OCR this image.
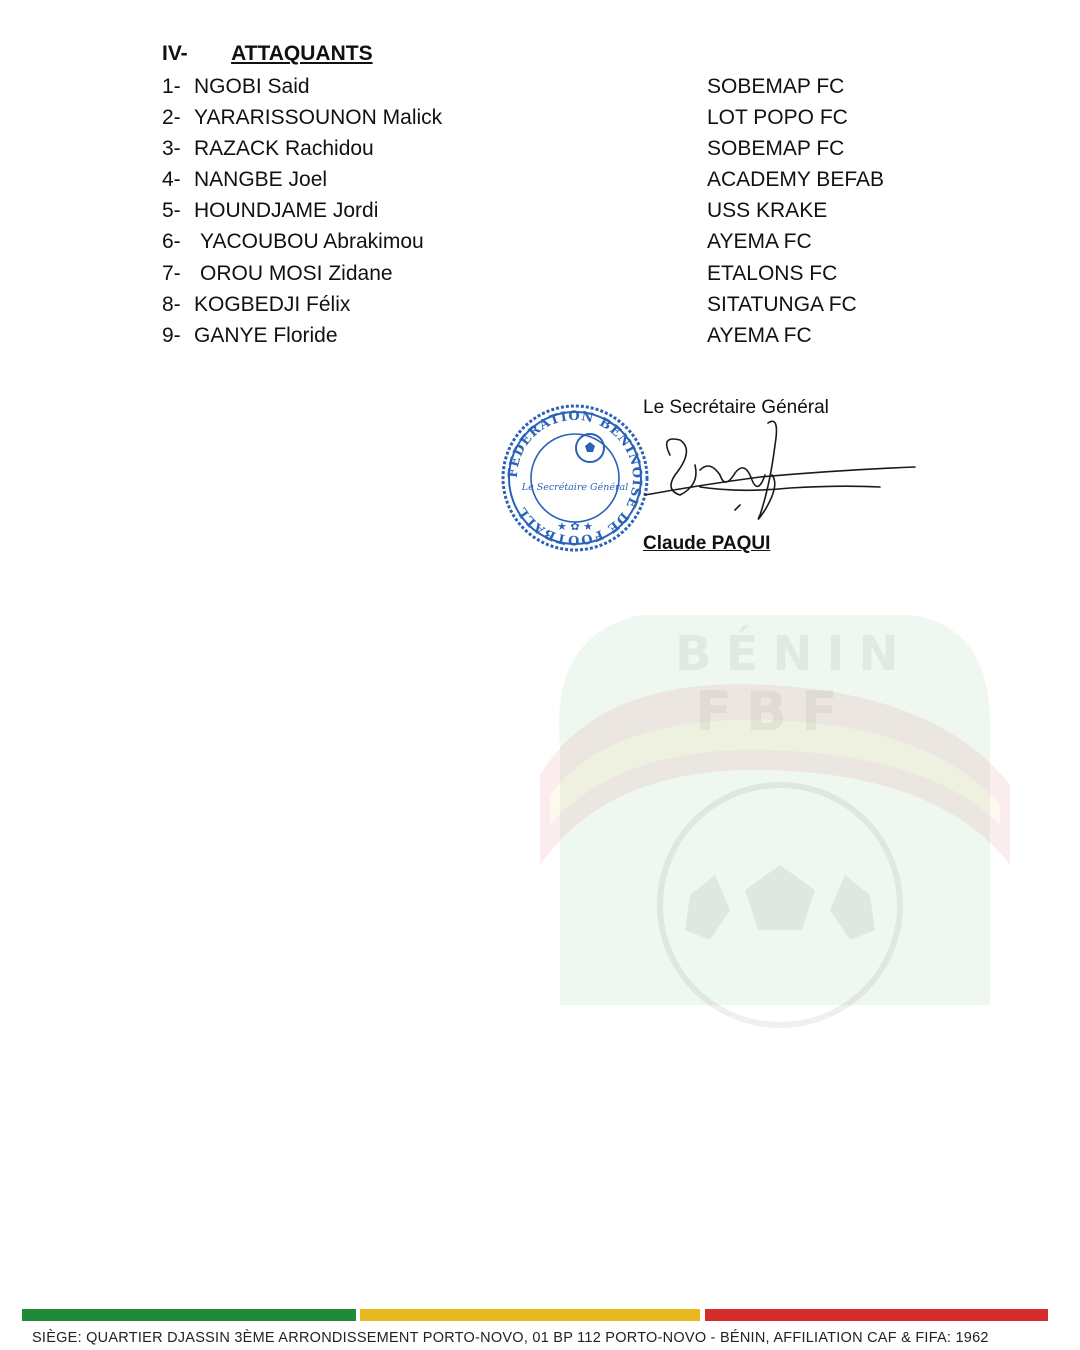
BÉNIN
FBF
IV- ATTAQUANTS
1- NGOBI Said	SOBEMAP FC
2- YARARISSOUNON Malick	LOT POPO FC
3- RAZACK Rachidou	SOBEMAP FC
4- NANGBE Joel	ACADEMY BEFAB
5- HOUNDJAME Jordi	USS KRAKE
6- YACOUBOU Abrakimou	AYEMA FC
7- OROU MOSI Zidane	ETALONS FC
8- KOGBEDJI Félix	SITATUNGA FC
9- GANYE Floride	AYEMA FC
FEDERATION BENINOISE DE FOOTBALL
Le Secrétaire Général
★ ✿ ★
Le Secrétaire Général
Claude PAQUI
SIÈGE: QUARTIER DJASSIN 3ÈME ARRONDISSEMENT PORTO-NOVO, 01 BP 112 PORTO-NOVO - BÉNIN, AFFILIATION CAF & FIFA: 1962
